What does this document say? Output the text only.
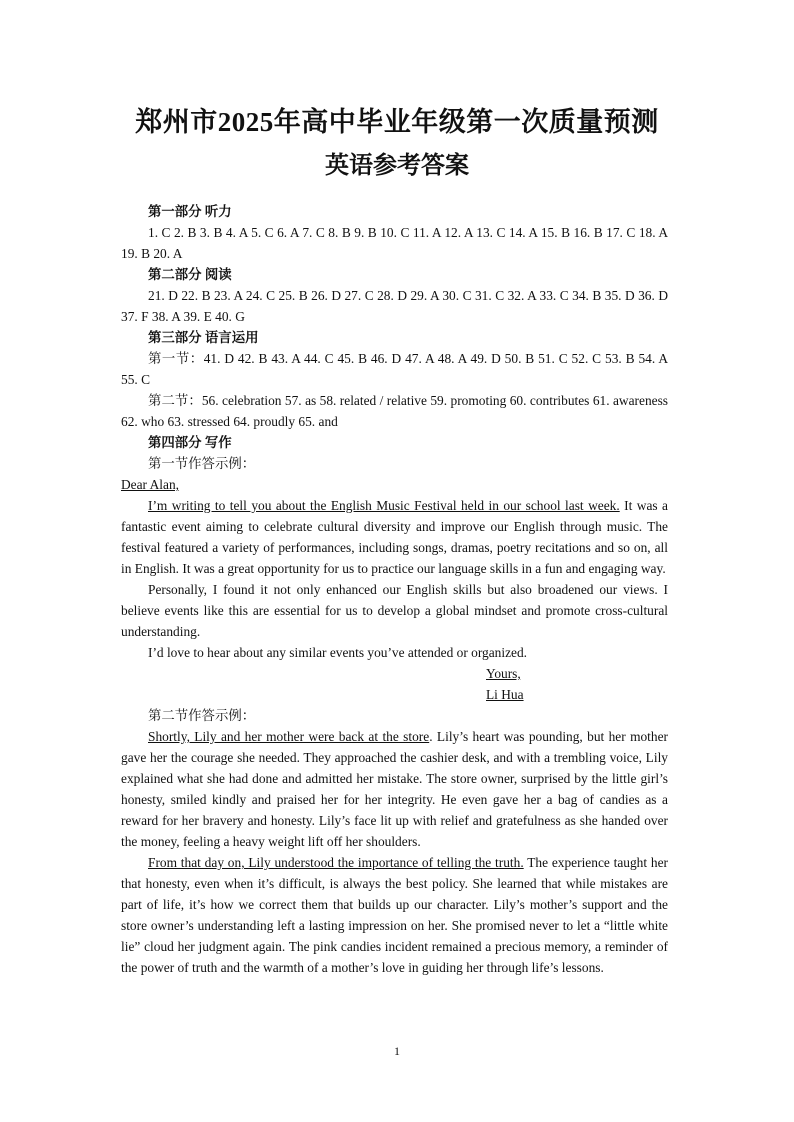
郑州市2025年高中毕业年级第一次质量预测
英语参考答案

第一部分 听力

1. C 2. B 3. B 4. A 5. C 6. A 7. C 8. B 9. B 10. C 11. A 12. A 13. C 14. A 15. B 16. B 17. C 18. A 19. B 20. A

第二部分 阅读

21. D 22. B 23. A 24. C 25. B 26. D 27. C 28. D 29. A 30. C 31. C 32. A 33. C 34. B 35. D 36. D 37. F 38. A 39. E 40. G

第三部分 语言运用

第一节：41. D 42. B 43. A 44. C 45. B 46. D 47. A 48. A 49. D 50. B 51. C 52. C 53. B 54. A 55. C

第二节：56. celebration 57. as 58. related / relative 59. promoting 60. contributes 61. awareness 62. who 63. stressed 64. proudly 65. and

第四部分 写作

第一节作答示例：

Dear Alan,

I’m writing to tell you about the English Music Festival held in our school last week. It was a fantastic event aiming to celebrate cultural diversity and improve our English through music. The festival featured a variety of performances, including songs, dramas, poetry recitations and so on, all in English. It was a great opportunity for us to practice our language skills in a fun and engaging way.

Personally, I found it not only enhanced our English skills but also broadened our views. I believe events like this are essential for us to develop a global mindset and promote cross-cultural understanding.

I’d love to hear about any similar events you’ve attended or organized.

Yours,

Li Hua

第二节作答示例：

Shortly, Lily and her mother were back at the store. Lily’s heart was pounding, but her mother gave her the courage she needed. They approached the cashier desk, and with a trembling voice, Lily explained what she had done and admitted her mistake. The store owner, surprised by the little girl’s honesty, smiled kindly and praised her for her integrity. He even gave her a bag of candies as a reward for her bravery and honesty. Lily’s face lit up with relief and gratefulness as she handed over the money, feeling a heavy weight lift off her shoulders.

From that day on, Lily understood the importance of telling the truth. The experience taught her that honesty, even when it’s difficult, is always the best policy. She learned that while mistakes are part of life, it’s how we correct them that builds up our character. Lily’s mother’s support and the store owner’s understanding left a lasting impression on her. She promised never to let a “little white lie” cloud her judgment again. The pink candies incident remained a precious memory, a reminder of the power of truth and the warmth of a mother’s love in guiding her through life’s lessons.

1
